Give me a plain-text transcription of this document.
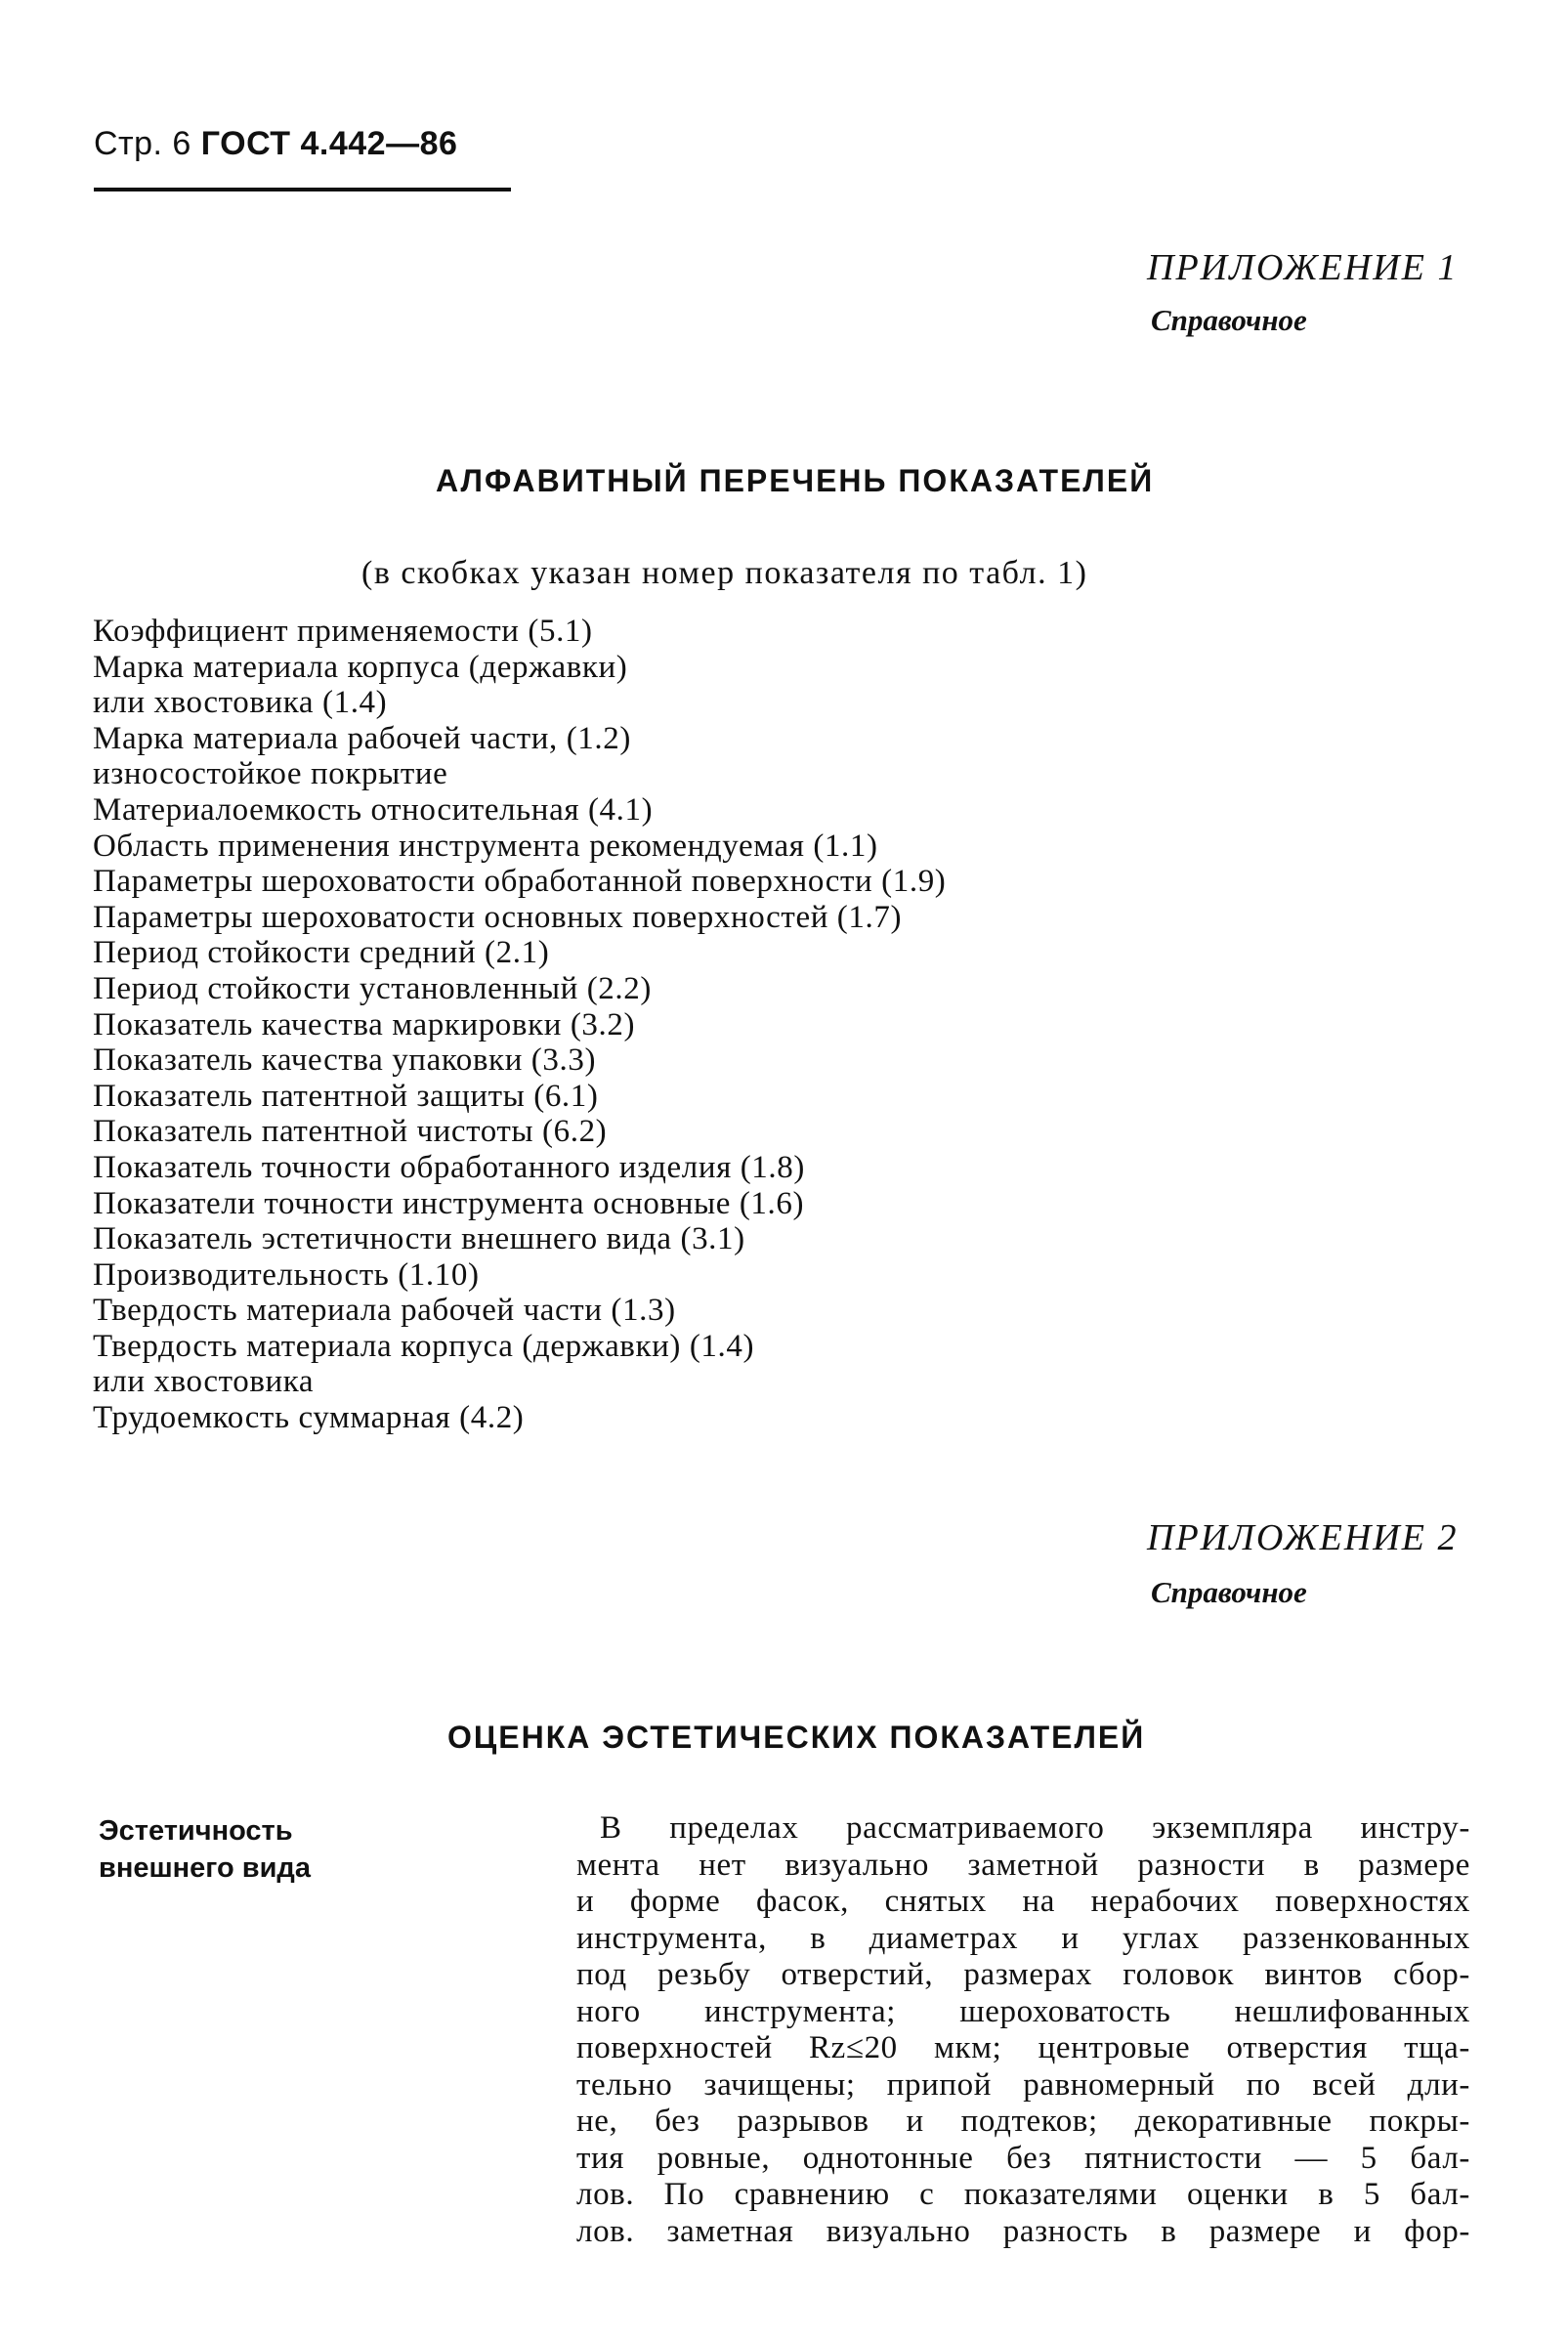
Стр. 6 ГОСТ 4.442—86
ПРИЛОЖЕНИЕ 1
Справочное
АЛФАВИТНЫЙ ПЕРЕЧЕНЬ ПОКАЗАТЕЛЕЙ
(в скобках указан номер показателя по табл. 1)
Коэффициент применяемости (5.1)
Марка материала корпуса (державки)
или хвостовика (1.4)
Марка материала рабочей части, (1.2)
износостойкое покрытие
Материалоемкость относительная (4.1)
Область применения инструмента рекомендуемая (1.1)
Параметры шероховатости обработанной поверхности (1.9)
Параметры шероховатости основных поверхностей (1.7)
Период стойкости средний (2.1)
Период стойкости установленный (2.2)
Показатель качества маркировки (3.2)
Показатель качества упаковки (3.3)
Показатель патентной защиты (6.1)
Показатель патентной чистоты (6.2)
Показатель точности обработанного изделия (1.8)
Показатели точности инструмента основные (1.6)
Показатель эстетичности внешнего вида (3.1)
Производительность (1.10)
Твердость материала рабочей части (1.3)
Твердость материала корпуса (державки) (1.4)
или хвостовика
Трудоемкость суммарная (4.2)
ПРИЛОЖЕНИЕ 2
Справочное
ОЦЕНКА ЭСТЕТИЧЕСКИХ ПОКАЗАТЕЛЕЙ
Эстетичность
внешнего вида
В пределах рассматриваемого экземпляра инстру-
мента нет визуально заметной разности в размере
и форме фасок, снятых на нерабочих поверхностях
инструмента, в диаметрах и углах раззенкованных
под резьбу отверстий, размерах головок винтов сбор-
ного инструмента; шероховатость нешлифованных
поверхностей Rz≤20 мкм; центровые отверстия тща-
тельно зачищены; припой равномерный по всей дли-
не, без разрывов и подтеков; декоративные покры-
тия ровные, однотонные без пятнистости — 5 бал-
лов. По сравнению с показателями оценки в 5 бал-
лов. заметная визуально разность в размере и фор-
